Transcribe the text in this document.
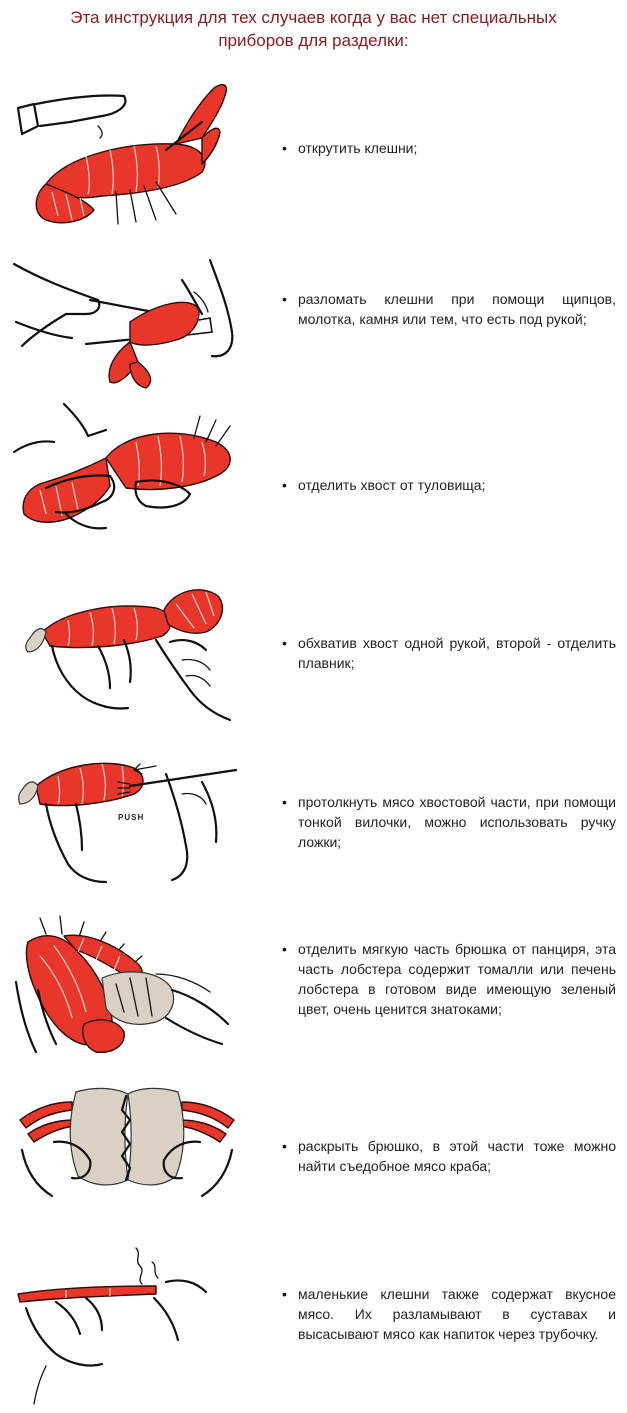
Эта инструкция для тех случаев когда у вас нет специальных
приборов для разделки:
• открутить клешни;
• разломать клешни при помощи щипцов, молотка, камня или тем, что есть под рукой;
• отделить хвост от туловища;
• обхватив хвост одной рукой, второй - отделить плавник;
PUSH
• протолкнуть мясо хвостовой части, при помощи тонкой вилочки, можно использовать ручку ложки;
• отделить мягкую часть брюшка от панциря, эта часть лобстера содержит томалли или печень лобстера в готовом виде имеющую зеленый цвет, очень ценится знатоками;
• раскрыть брюшко, в этой части тоже можно найти съедобное мясо краба;
• маленькие клешни также содержат вкусное мясо. Их разламывают в суставах и высасывают мясо как напиток через трубочку.
